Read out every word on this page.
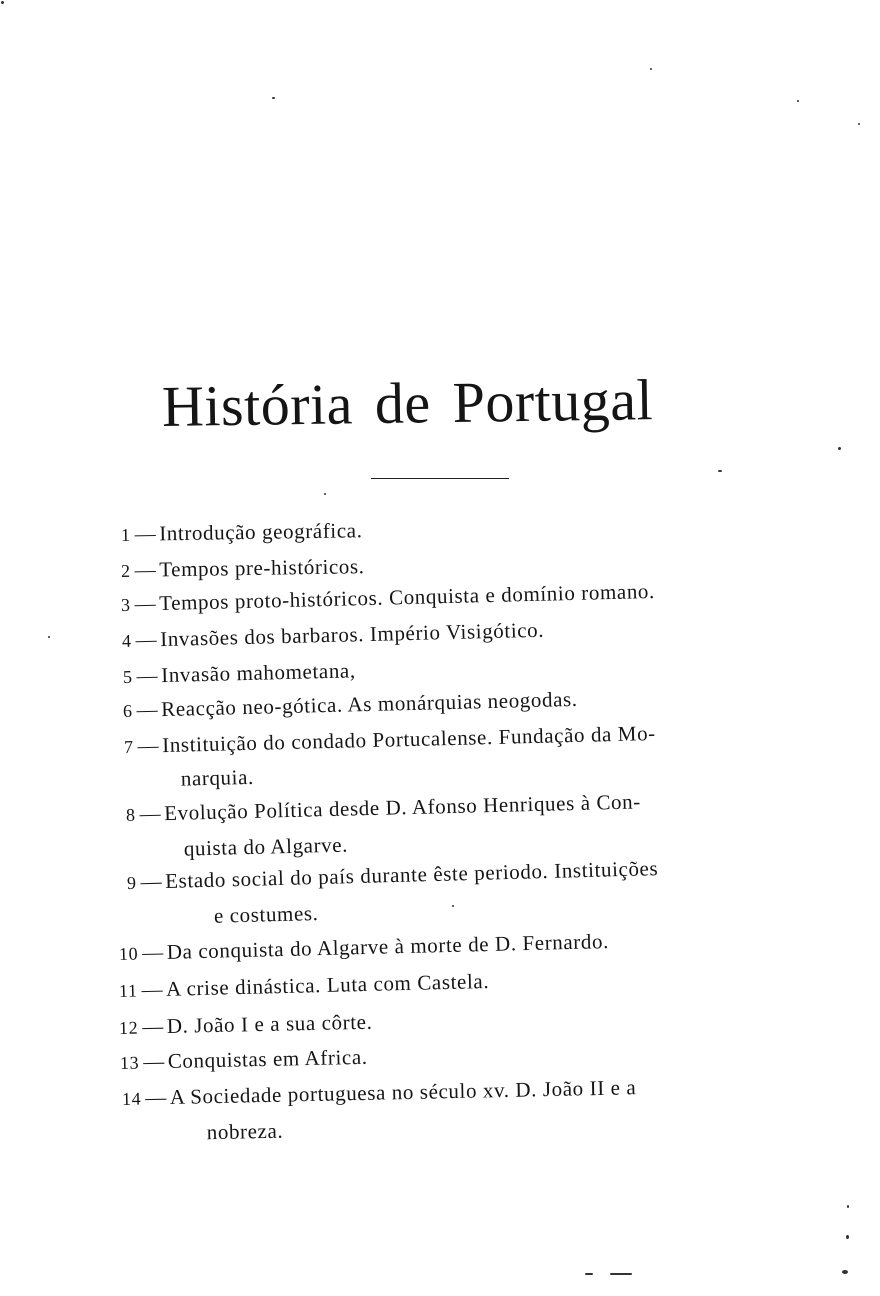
História de Portugal
1 — Introdução geográfica.
2 — Tempos pre-históricos.
3 — Tempos proto-históricos. Conquista e domínio romano.
4 — Invasões dos barbaros. Império Visigótico.
5 — Invasão mahometana,
6 — Reacção neo-gótica. As monárquias neogodas.
7 — Instituição do condado Portucalense. Fundação da Mo-
narquia.
8 — Evolução Política desde D. Afonso Henriques à Con-
quista do Algarve.
9 — Estado social do país durante êste periodo. Instituições
e costumes.
10 — Da conquista do Algarve à morte de D. Fernardo.
11 — A crise dinástica. Luta com Castela.
12 — D. João I e a sua côrte.
13 — Conquistas em Africa.
14 — A Sociedade portuguesa no século xv. D. João II e a
nobreza.
